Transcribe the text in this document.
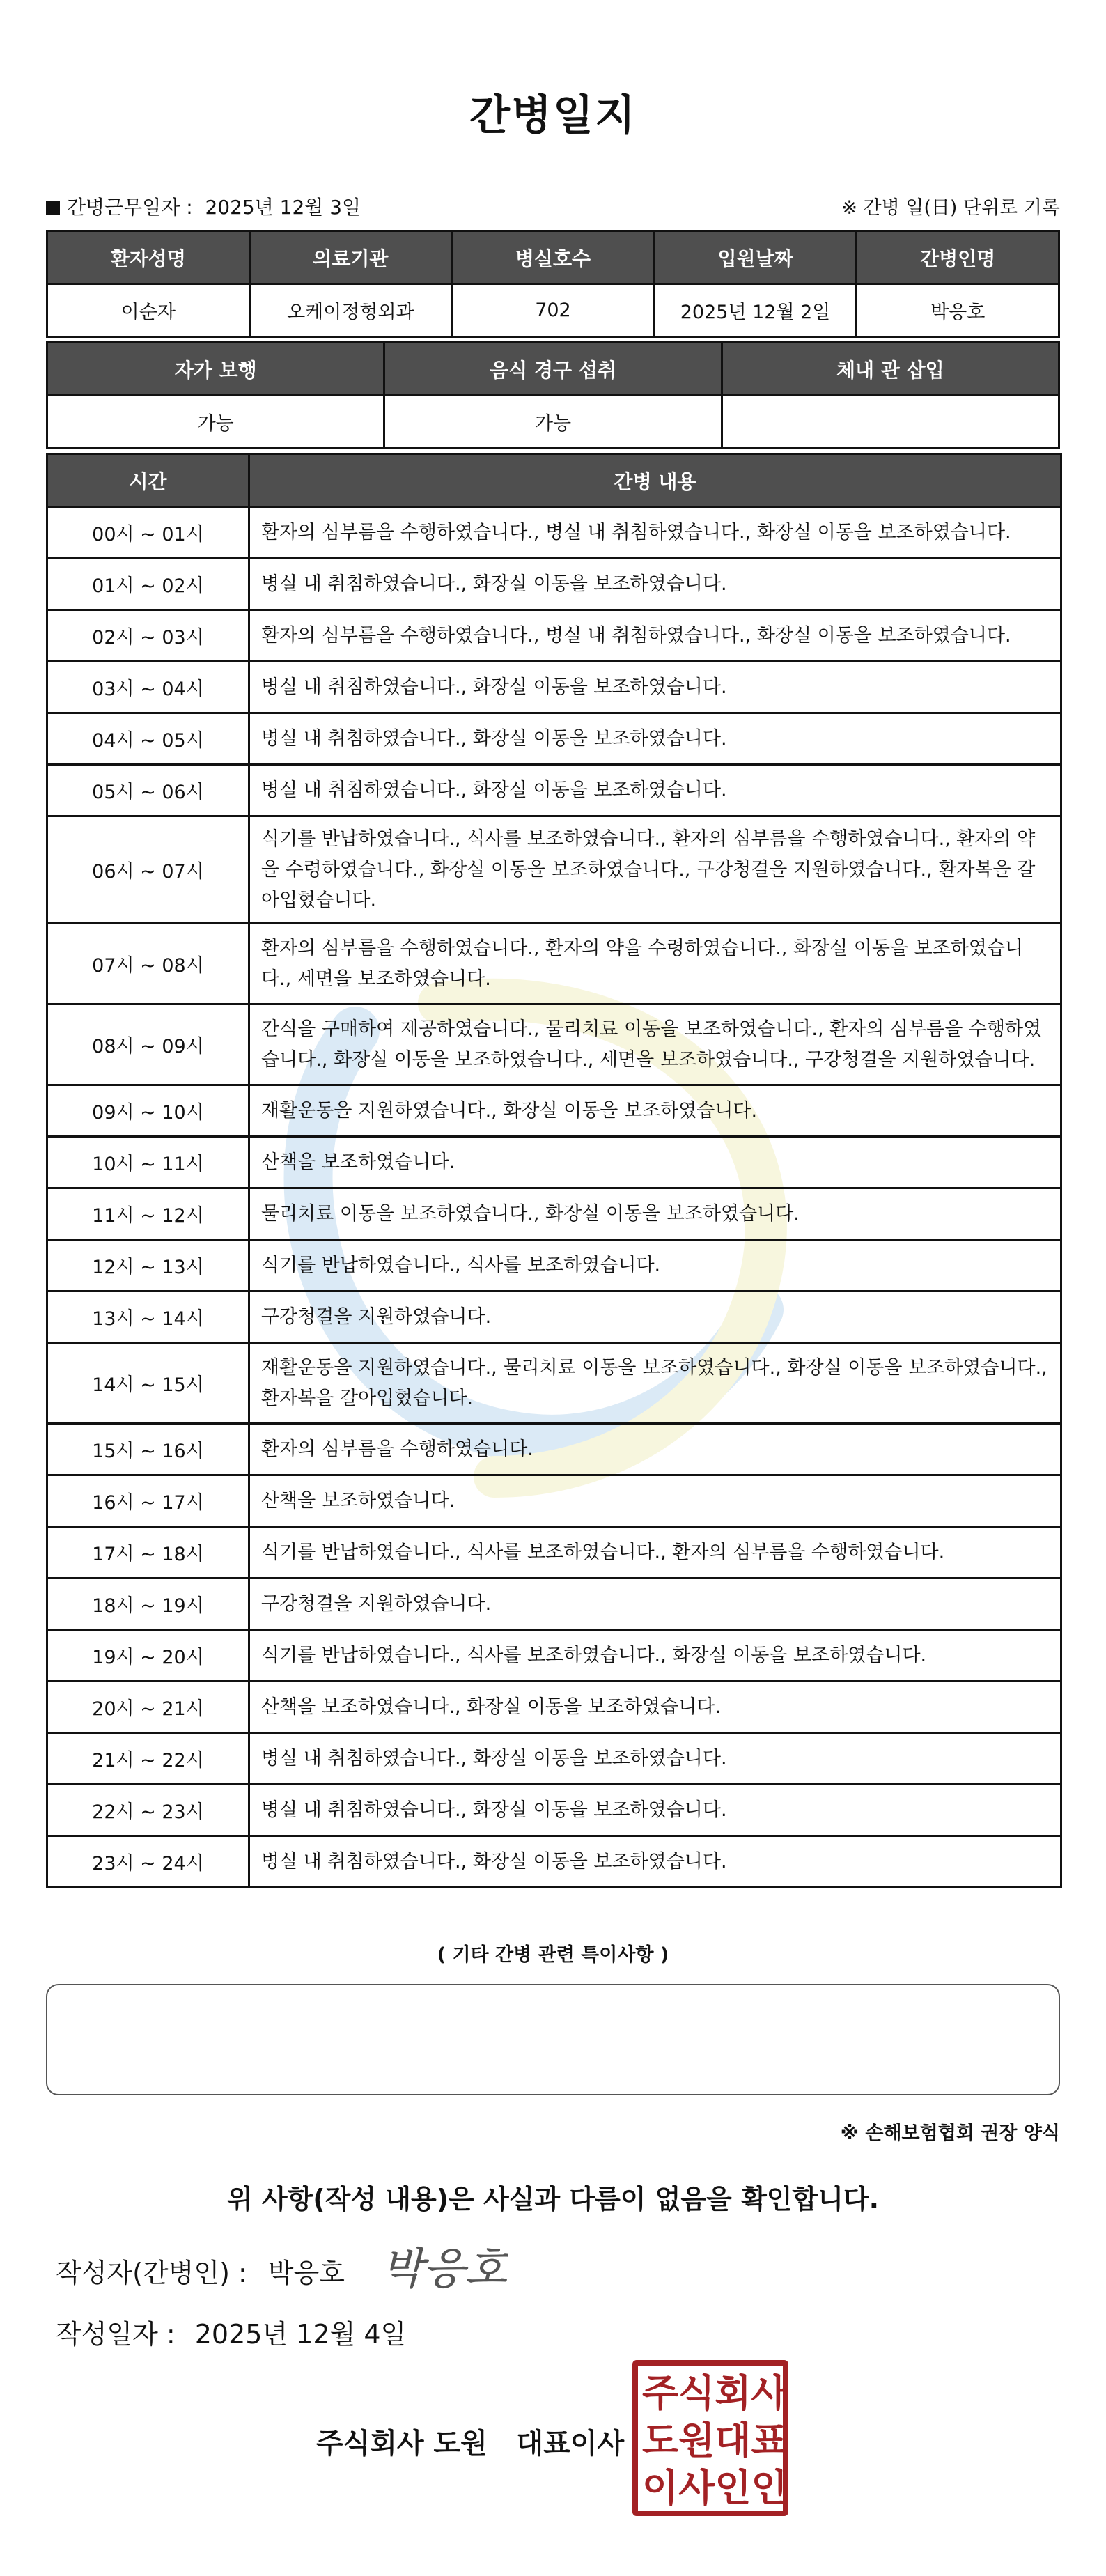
간병일지
간병근무일자 : 2025년 12월 3일	※ 간병 일(日) 단위로 기록
환자성명	의료기관	병실호수	입원날짜	간병인명
이순자	오케이정형외과	702	2025년 12월 2일	박응호
자가 보행	음식 경구 섭취	체내 관 삽입
가능	가능	
시간	간병 내용
00시 ~ 01시	환자의 심부름을 수행하였습니다., 병실 내 취침하였습니다., 화장실 이동을 보조하였습니다.
01시 ~ 02시	병실 내 취침하였습니다., 화장실 이동을 보조하였습니다.
02시 ~ 03시	환자의 심부름을 수행하였습니다., 병실 내 취침하였습니다., 화장실 이동을 보조하였습니다.
03시 ~ 04시	병실 내 취침하였습니다., 화장실 이동을 보조하였습니다.
04시 ~ 05시	병실 내 취침하였습니다., 화장실 이동을 보조하였습니다.
05시 ~ 06시	병실 내 취침하였습니다., 화장실 이동을 보조하였습니다.
06시 ~ 07시	식기를 반납하였습니다., 식사를 보조하였습니다., 환자의 심부름을 수행하였습니다., 환자의 약을 수령하였습니다., 화장실 이동을 보조하였습니다., 구강청결을 지원하였습니다., 환자복을 갈아입혔습니다.
07시 ~ 08시	환자의 심부름을 수행하였습니다., 환자의 약을 수령하였습니다., 화장실 이동을 보조하였습니다., 세면을 보조하였습니다.
08시 ~ 09시	간식을 구매하여 제공하였습니다., 물리치료 이동을 보조하였습니다., 환자의 심부름을 수행하였습니다., 화장실 이동을 보조하였습니다., 세면을 보조하였습니다., 구강청결을 지원하였습니다.
09시 ~ 10시	재활운동을 지원하였습니다., 화장실 이동을 보조하였습니다.
10시 ~ 11시	산책을 보조하였습니다.
11시 ~ 12시	물리치료 이동을 보조하였습니다., 화장실 이동을 보조하였습니다.
12시 ~ 13시	식기를 반납하였습니다., 식사를 보조하였습니다.
13시 ~ 14시	구강청결을 지원하였습니다.
14시 ~ 15시	재활운동을 지원하였습니다., 물리치료 이동을 보조하였습니다., 화장실 이동을 보조하였습니다., 환자복을 갈아입혔습니다.
15시 ~ 16시	환자의 심부름을 수행하였습니다.
16시 ~ 17시	산책을 보조하였습니다.
17시 ~ 18시	식기를 반납하였습니다., 식사를 보조하였습니다., 환자의 심부름을 수행하였습니다.
18시 ~ 19시	구강청결을 지원하였습니다.
19시 ~ 20시	식기를 반납하였습니다., 식사를 보조하였습니다., 화장실 이동을 보조하였습니다.
20시 ~ 21시	산책을 보조하였습니다., 화장실 이동을 보조하였습니다.
21시 ~ 22시	병실 내 취침하였습니다., 화장실 이동을 보조하였습니다.
22시 ~ 23시	병실 내 취침하였습니다., 화장실 이동을 보조하였습니다.
23시 ~ 24시	병실 내 취침하였습니다., 화장실 이동을 보조하였습니다.
( 기타 간병 관련 특이사항 )
※ 손해보험협회 권장 양식
위 사항(작성 내용)은 사실과 다름이 없음을 확인합니다.
작성자(간병인) : 박응호 박응호
작성일자 : 2025년 12월 4일
주식회사 도원   대표이사
주 식 회 사
도 원 대 표
이 사 인 인
